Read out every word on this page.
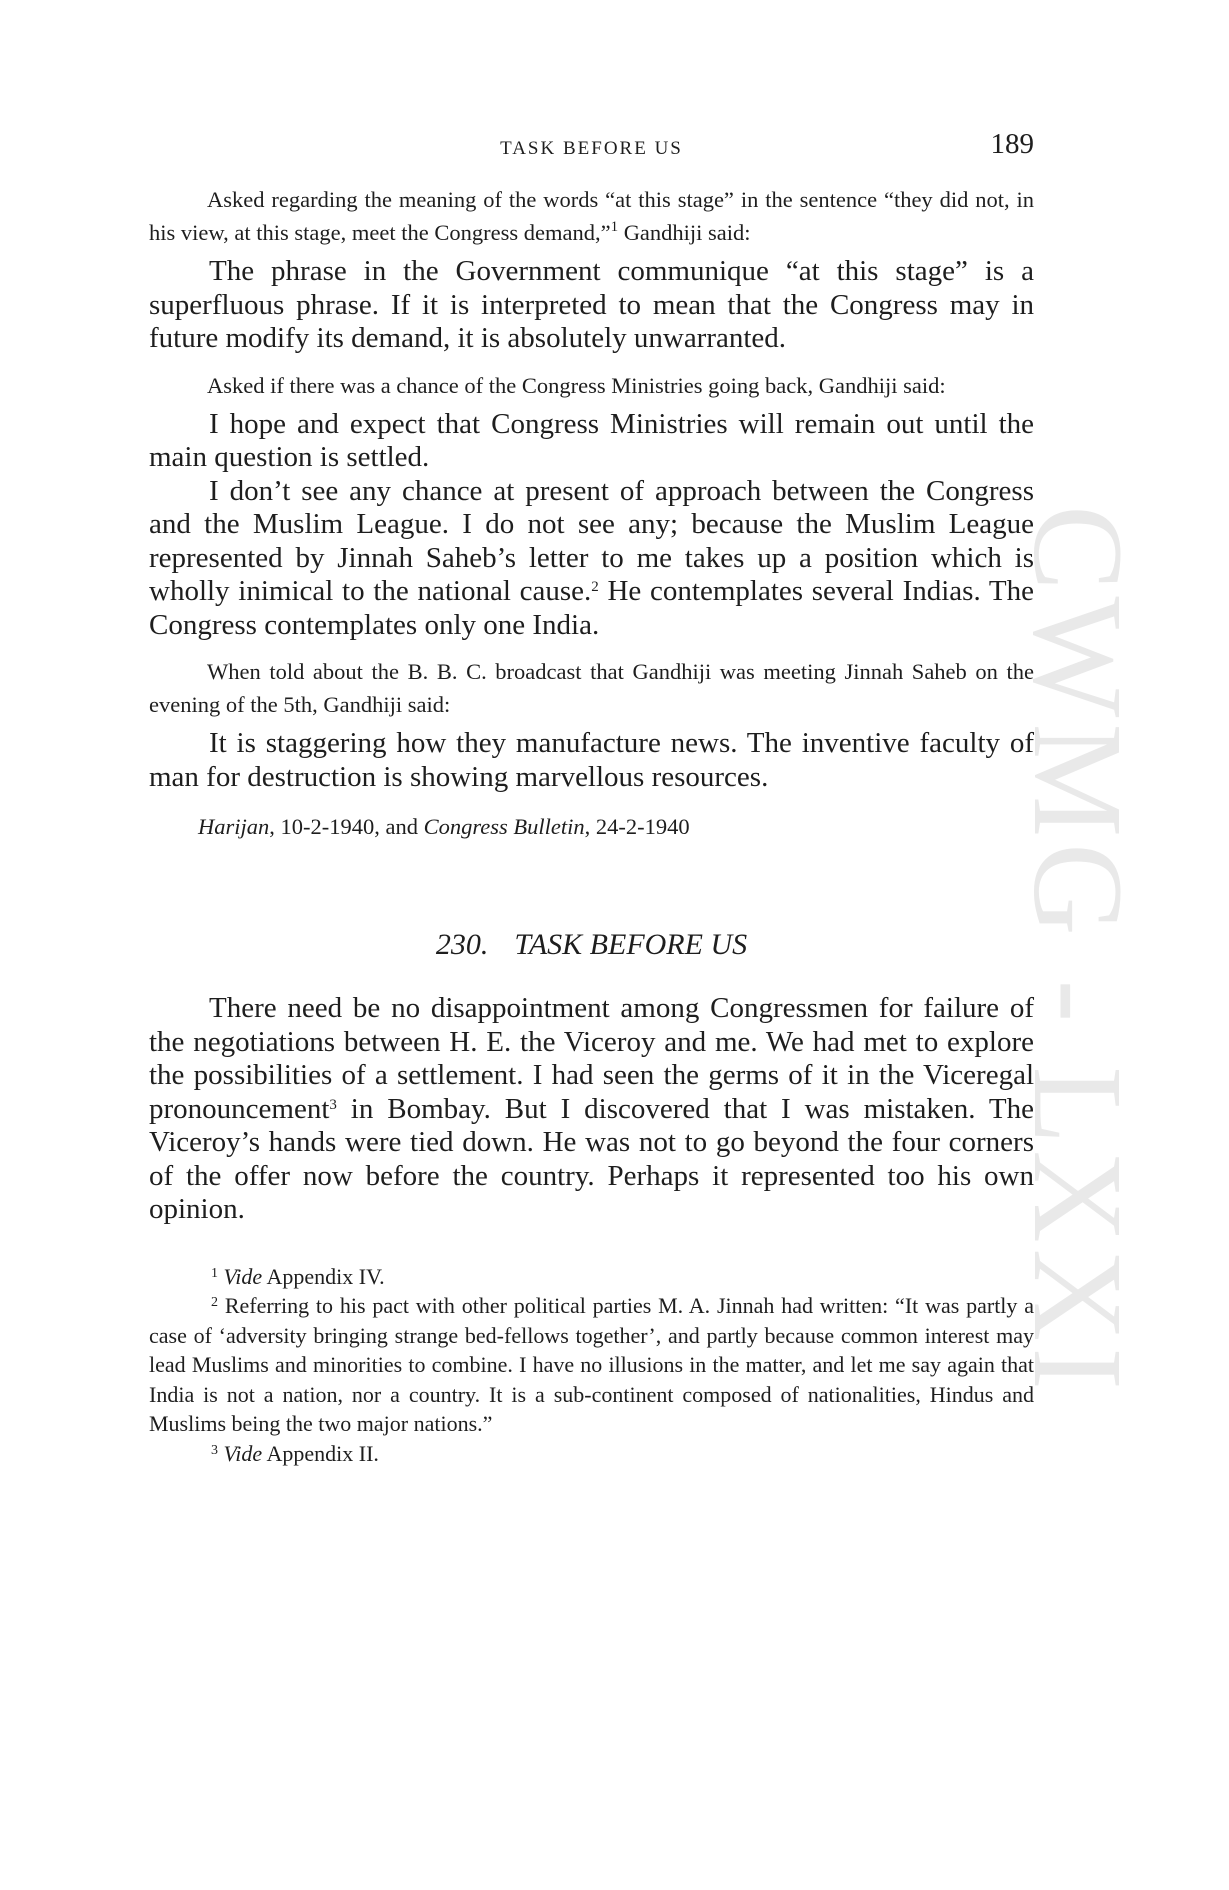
CWMG - LXXI
TASK BEFORE US	189

Asked regarding the meaning of the words “at this stage” in the sentence “they did not, in his view, at this stage, meet the Congress demand,”$^1$ Gandhiji said:

The phrase in the Government communique “at this stage” is a superfluous phrase. If it is interpreted to mean that the Congress may in future modify its demand, it is absolutely unwarranted.

Asked if there was a chance of the Congress Ministries going back, Gandhiji said:

I hope and expect that Congress Ministries will remain out until the main question is settled.

I don’t see any chance at present of approach between the Congress and the Muslim League. I do not see any; because the Muslim League represented by Jinnah Saheb’s letter to me takes up a position which is wholly inimical to the national cause.$^2$ He contemplates several Indias. The Congress contemplates only one India.

When told about the B. B. C. broadcast that Gandhiji was meeting Jinnah Saheb on the evening of the 5th, Gandhiji said:

It is staggering how they manufacture news. The inventive faculty of man for destruction is showing marvellous resources.

Harijan, 10-2-1940, and Congress Bulletin, 24-2-1940
230. TASK BEFORE US

There need be no disappointment among Congressmen for failure of the negotiations between H. E. the Viceroy and me. We had met to explore the possibilities of a settlement. I had seen the germs of it in the Viceregal pronouncement$^3$ in Bombay. But I discovered that I was mistaken. The Viceroy’s hands were tied down. He was not to go beyond the four corners of the offer now before the country. Perhaps it represented too his own opinion.

$^1$ Vide Appendix IV.
$^2$ Referring to his pact with other political parties M. A. Jinnah had written: “It was partly a case of ‘adversity bringing strange bed-fellows together’, and partly because common interest may lead Muslims and minorities to combine. I have no illusions in the matter, and let me say again that India is not a nation, nor a country. It is a sub-continent composed of nationalities, Hindus and Muslims being the two major nations.”
$^3$ Vide Appendix II.
